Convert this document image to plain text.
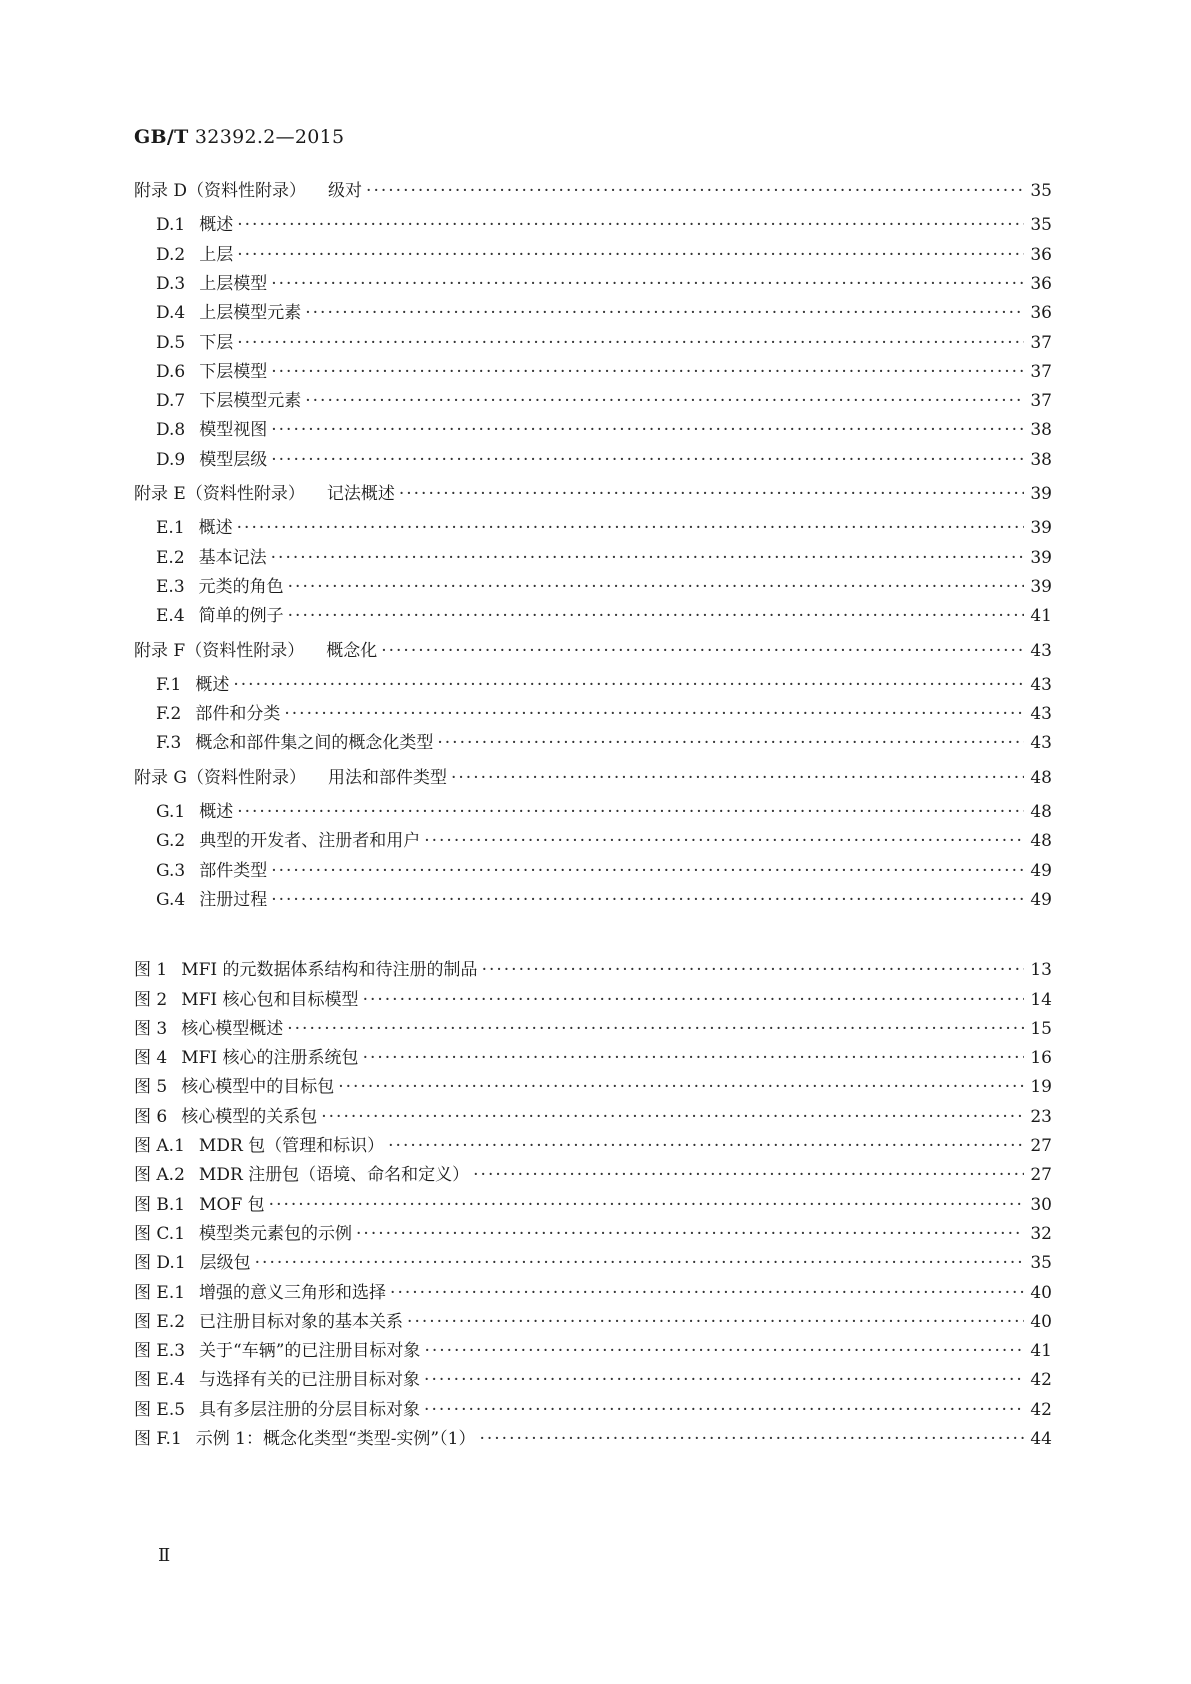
GB/T 32392.2—2015
附录 D（资料性附录） 级对 ·····	35
D.1 概述 ·····	35
D.2 上层 ·····	36
D.3 上层模型 ·····	36
D.4 上层模型元素 ·····	36
D.5 下层 ·····	37
D.6 下层模型 ·····	37
D.7 下层模型元素 ·····	37
D.8 模型视图 ·····	38
D.9 模型层级 ·····	38
附录 E（资料性附录） 记法概述 ·····	39
E.1 概述 ·····	39
E.2 基本记法 ·····	39
E.3 元类的角色 ·····	39
E.4 简单的例子 ·····	41
附录 F（资料性附录） 概念化 ·····	43
F.1 概述 ·····	43
F.2 部件和分类 ·····	43
F.3 概念和部件集之间的概念化类型 ·····	43
附录 G（资料性附录） 用法和部件类型 ·····	48
G.1 概述 ·····	48
G.2 典型的开发者、注册者和用户 ·····	48
G.3 部件类型 ·····	49
G.4 注册过程 ·····	49
图 1 MFI 的元数据体系结构和待注册的制品 ·····	13
图 2 MFI 核心包和目标模型 ·····	14
图 3 核心模型概述 ·····	15
图 4 MFI 核心的注册系统包 ·····	16
图 5 核心模型中的目标包 ·····	19
图 6 核心模型的关系包 ·····	23
图 A.1 MDR 包（管理和标识） ·····	27
图 A.2 MDR 注册包（语境、命名和定义） ·····	27
图 B.1 MOF 包 ·····	30
图 C.1 模型类元素包的示例 ·····	32
图 D.1 层级包 ·····	35
图 E.1 增强的意义三角形和选择 ·····	40
图 E.2 已注册目标对象的基本关系 ·····	40
图 E.3 关于“车辆”的已注册目标对象 ·····	41
图 E.4 与选择有关的已注册目标对象 ·····	42
图 E.5 具有多层注册的分层目标对象 ·····	42
图 F.1 示例 1：概念化类型“类型-实例”（1） ·····	44
Ⅱ
